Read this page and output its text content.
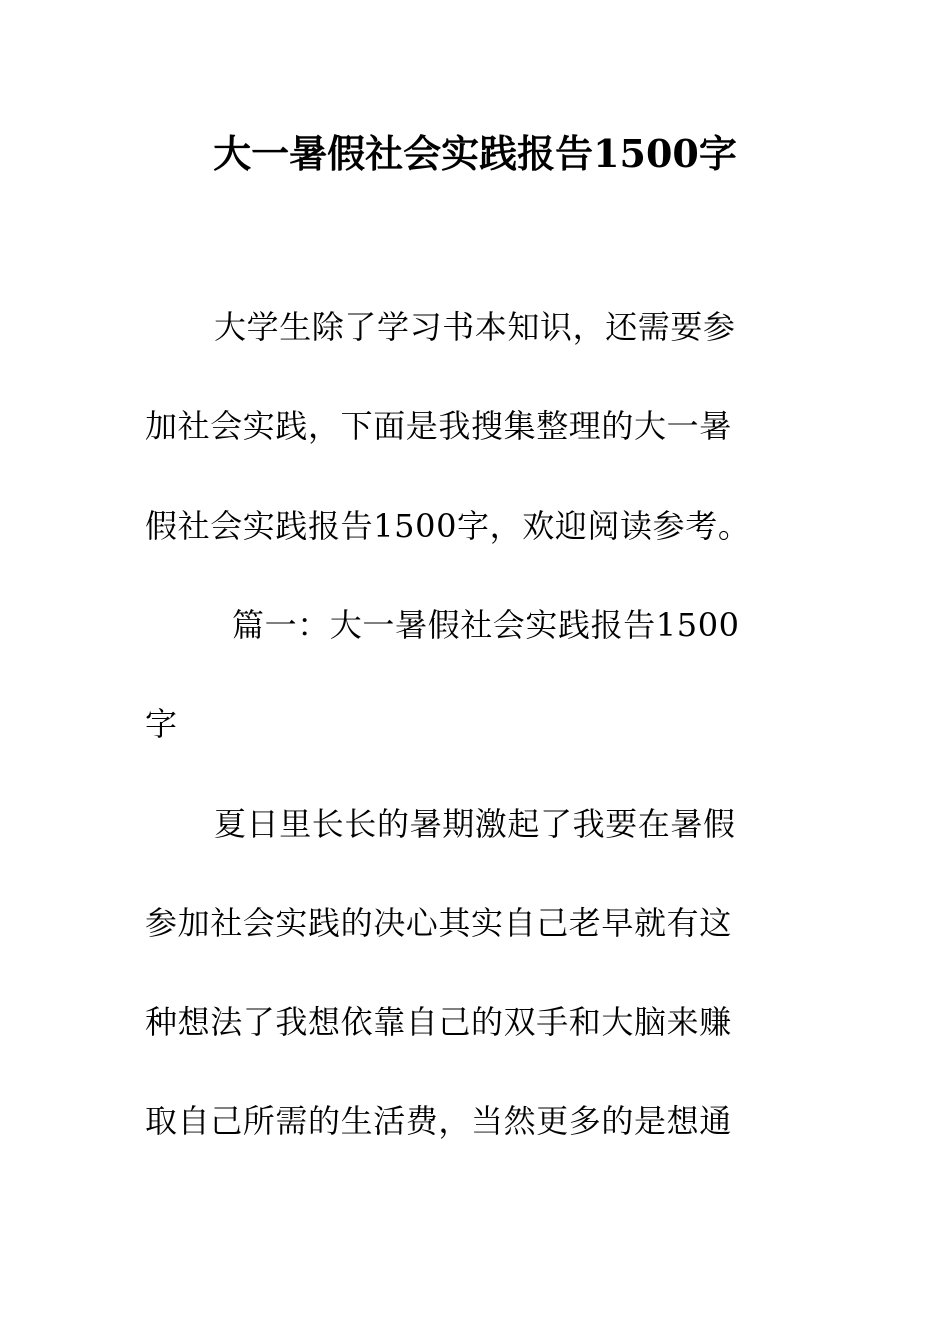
大一暑假社会实践报告1500字
大学生除了学习书本知识，还需要参
加社会实践，下面是我搜集整理的大一暑
假社会实践报告1500字，欢迎阅读参考。
篇一：大一暑假社会实践报告1500
字
夏日里长长的暑期激起了我要在暑假
参加社会实践的决心其实自己老早就有这
种想法了我想依靠自己的双手和大脑来赚
取自己所需的生活费，当然更多的是想通
